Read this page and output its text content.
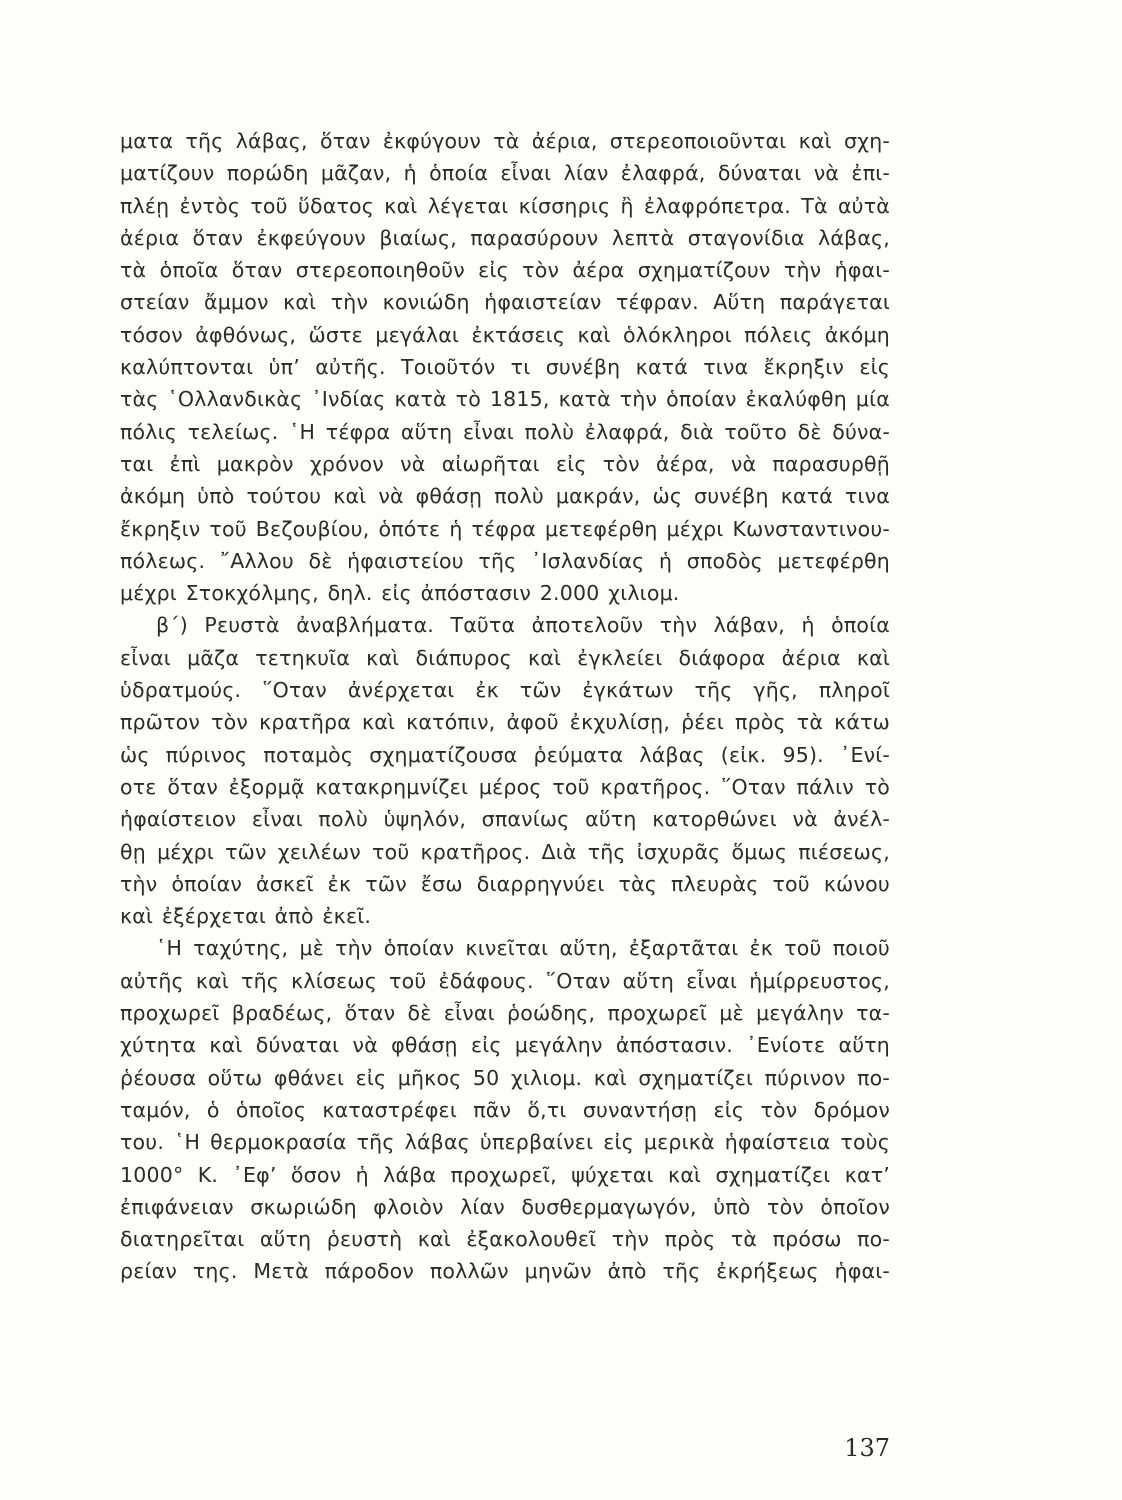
ματα τῆς λάβας, ὅταν ἐκφύγουν τὰ ἀέρια, στερεοποιοῦνται καὶ σχη-
ματίζουν πορώδη μᾶζαν, ἡ ὁποία εἶναι λίαν ἐλαφρά, δύναται νὰ ἐπι-
πλέῃ ἐντὸς τοῦ ὕδατος καὶ λέγεται κίσσηρις ἢ ἐλαφρόπετρα. Τὰ αὐτὰ
ἀέρια ὅταν ἐκφεύγουν βιαίως, παρασύρουν λεπτὰ σταγονίδια λάβας,
τὰ ὁποῖα ὅταν στερεοποιηθοῦν εἰς τὸν ἀέρα σχηματίζουν τὴν ἡφαι-
στείαν ἄμμον καὶ τὴν κονιώδη ἡφαιστείαν τέφραν. Αὕτη παράγεται
τόσον ἀφθόνως, ὥστε μεγάλαι ἐκτάσεις καὶ ὁλόκληροι πόλεις ἀκόμη
καλύπτονται ὑπ’ αὐτῆς. Τοιοῦτόν τι συνέβη κατά τινα ἔκρηξιν εἰς
τὰς ῾Ολλανδικὰς ᾿Ινδίας κατὰ τὸ 1815, κατὰ τὴν ὁποίαν ἐκαλύφθη μία
πόλις τελείως. ῾Η τέφρα αὕτη εἶναι πολὺ ἐλαφρά, διὰ τοῦτο δὲ δύνα-
ται ἐπὶ μακρὸν χρόνον νὰ αἰωρῆται εἰς τὸν ἀέρα, νὰ παρασυρθῇ
ἀκόμη ὑπὸ τούτου καὶ νὰ φθάσῃ πολὺ μακράν, ὡς συνέβη κατά τινα
ἔκρηξιν τοῦ Βεζουβίου, ὁπότε ἡ τέφρα μετεφέρθη μέχρι Κωνσταντινου-
πόλεως. ῎Αλλου δὲ ἡφαιστείου τῆς ᾿Ισλανδίας ἡ σποδὸς μετεφέρθη
μέχρι Στοκχόλμης, δηλ. εἰς ἀπόστασιν 2.000 χιλιομ.
β΄) Ρευστὰ ἀναβλήματα. Ταῦτα ἀποτελοῦν τὴν λάβαν, ἡ ὁποία
εἶναι μᾶζα τετηκυῖα καὶ διάπυρος καὶ ἐγκλείει διάφορα ἀέρια καὶ
ὑδρατμούς. ῞Οταν ἀνέρχεται ἐκ τῶν ἐγκάτων τῆς γῆς, πληροῖ
πρῶτον τὸν κρατῆρα καὶ κατόπιν, ἀφοῦ ἐκχυλίσῃ, ῥέει πρὸς τὰ κάτω
ὡς πύρινος ποταμὸς σχηματίζουσα ῥεύματα λάβας (εἰκ. 95). ᾿Ενί-
οτε ὅταν ἐξορμᾷ κατακρημνίζει μέρος τοῦ κρατῆρος. ῞Οταν πάλιν τὸ
ἡφαίστειον εἶναι πολὺ ὑψηλόν, σπανίως αὕτη κατορθώνει νὰ ἀνέλ-
θῃ μέχρι τῶν χειλέων τοῦ κρατῆρος. Διὰ τῆς ἰσχυρᾶς ὅμως πιέσεως,
τὴν ὁποίαν ἀσκεῖ ἐκ τῶν ἔσω διαρρηγνύει τὰς πλευρὰς τοῦ κώνου
καὶ ἐξέρχεται ἀπὸ ἐκεῖ.
῾Η ταχύτης, μὲ τὴν ὁποίαν κινεῖται αὕτη, ἐξαρτᾶται ἐκ τοῦ ποιοῦ
αὐτῆς καὶ τῆς κλίσεως τοῦ ἐδάφους. ῞Οταν αὕτη εἶναι ἡμίρρευστος,
προχωρεῖ βραδέως, ὅταν δὲ εἶναι ῥοώδης, προχωρεῖ μὲ μεγάλην τα-
χύτητα καὶ δύναται νὰ φθάσῃ εἰς μεγάλην ἀπόστασιν. ᾿Ενίοτε αὕτη
ῥέουσα οὕτω φθάνει εἰς μῆκος 50 χιλιομ. καὶ σχηματίζει πύρινον πο-
ταμόν, ὁ ὁποῖος καταστρέφει πᾶν ὅ,τι συναντήσῃ εἰς τὸν δρόμον
του. ῾Η θερμοκρασία τῆς λάβας ὑπερβαίνει εἰς μερικὰ ἡφαίστεια τοὺς
1000° Κ. ᾿Εφ’ ὅσον ἡ λάβα προχωρεῖ, ψύχεται καὶ σχηματίζει κατ’
ἐπιφάνειαν σκωριώδη φλοιὸν λίαν δυσθερμαγωγόν, ὑπὸ τὸν ὁποῖον
διατηρεῖται αὕτη ῥευστὴ καὶ ἐξακολουθεῖ τὴν πρὸς τὰ πρόσω πο-
ρείαν της. Μετὰ πάροδον πολλῶν μηνῶν ἀπὸ τῆς ἐκρήξεως ἡφαι-
137
